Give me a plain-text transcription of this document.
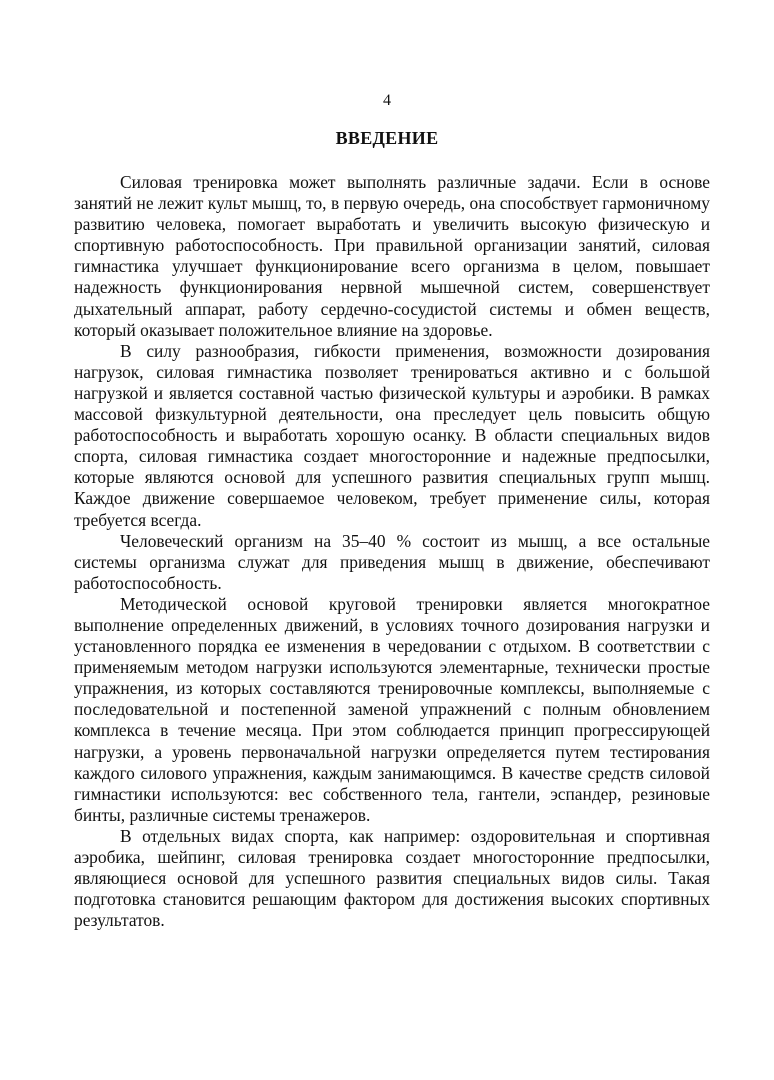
4
ВВЕДЕНИЕ

Силовая тренировка может выполнять различные задачи. Если в основе занятий не лежит культ мышц, то, в первую очередь, она способствует гармоничному развитию человека, помогает выработать и увеличить высокую физическую и спортивную работоспособность. При правильной организации занятий, силовая гимнастика улучшает функционирование всего организма в целом, повышает надежность функционирования нервной мышечной систем, совершенствует дыхательный аппарат, работу сердечно-сосудистой системы и обмен веществ, который оказывает положительное влияние на здоровье.

В силу разнообразия, гибкости применения, возможности дозирования нагрузок, силовая гимнастика позволяет тренироваться активно и с большой нагрузкой и является составной частью физической культуры и аэробики. В рамках массовой физкультурной деятельности, она преследует цель повысить общую работоспособность и выработать хорошую осанку. В области специальных видов спорта, силовая гимнастика создает многосторонние и надежные предпосылки, которые являются основой для успешного развития специальных групп мышц. Каждое движение совершаемое человеком, требует применение силы, которая требуется всегда.

Человеческий организм на 35–40 % состоит из мышц, а все остальные системы организма служат для приведения мышц в движение, обеспечивают работоспособность.

Методической основой круговой тренировки является многократное выполнение определенных движений, в условиях точного дозирования нагрузки и установленного порядка ее изменения в чередовании с отдыхом. В соответствии с применяемым методом нагрузки используются элементарные, технически простые упражнения, из которых составляются тренировочные комплексы, выполняемые с последовательной и постепенной заменой упражнений с полным обновлением комплекса в течение месяца. При этом соблюдается принцип прогрессирующей нагрузки, а уровень первоначальной нагрузки определяется путем тестирования каждого силового упражнения, каждым занимающимся. В качестве средств силовой гимнастики используются: вес собственного тела, гантели, эспандер, резиновые бинты, различные системы тренажеров.

В отдельных видах спорта, как например: оздоровительная и спортивная аэробика, шейпинг, силовая тренировка создает многосторонние предпосылки, являющиеся основой для успешного развития специальных видов силы. Такая подготовка становится решающим фактором для достижения высоких спортивных результатов.
